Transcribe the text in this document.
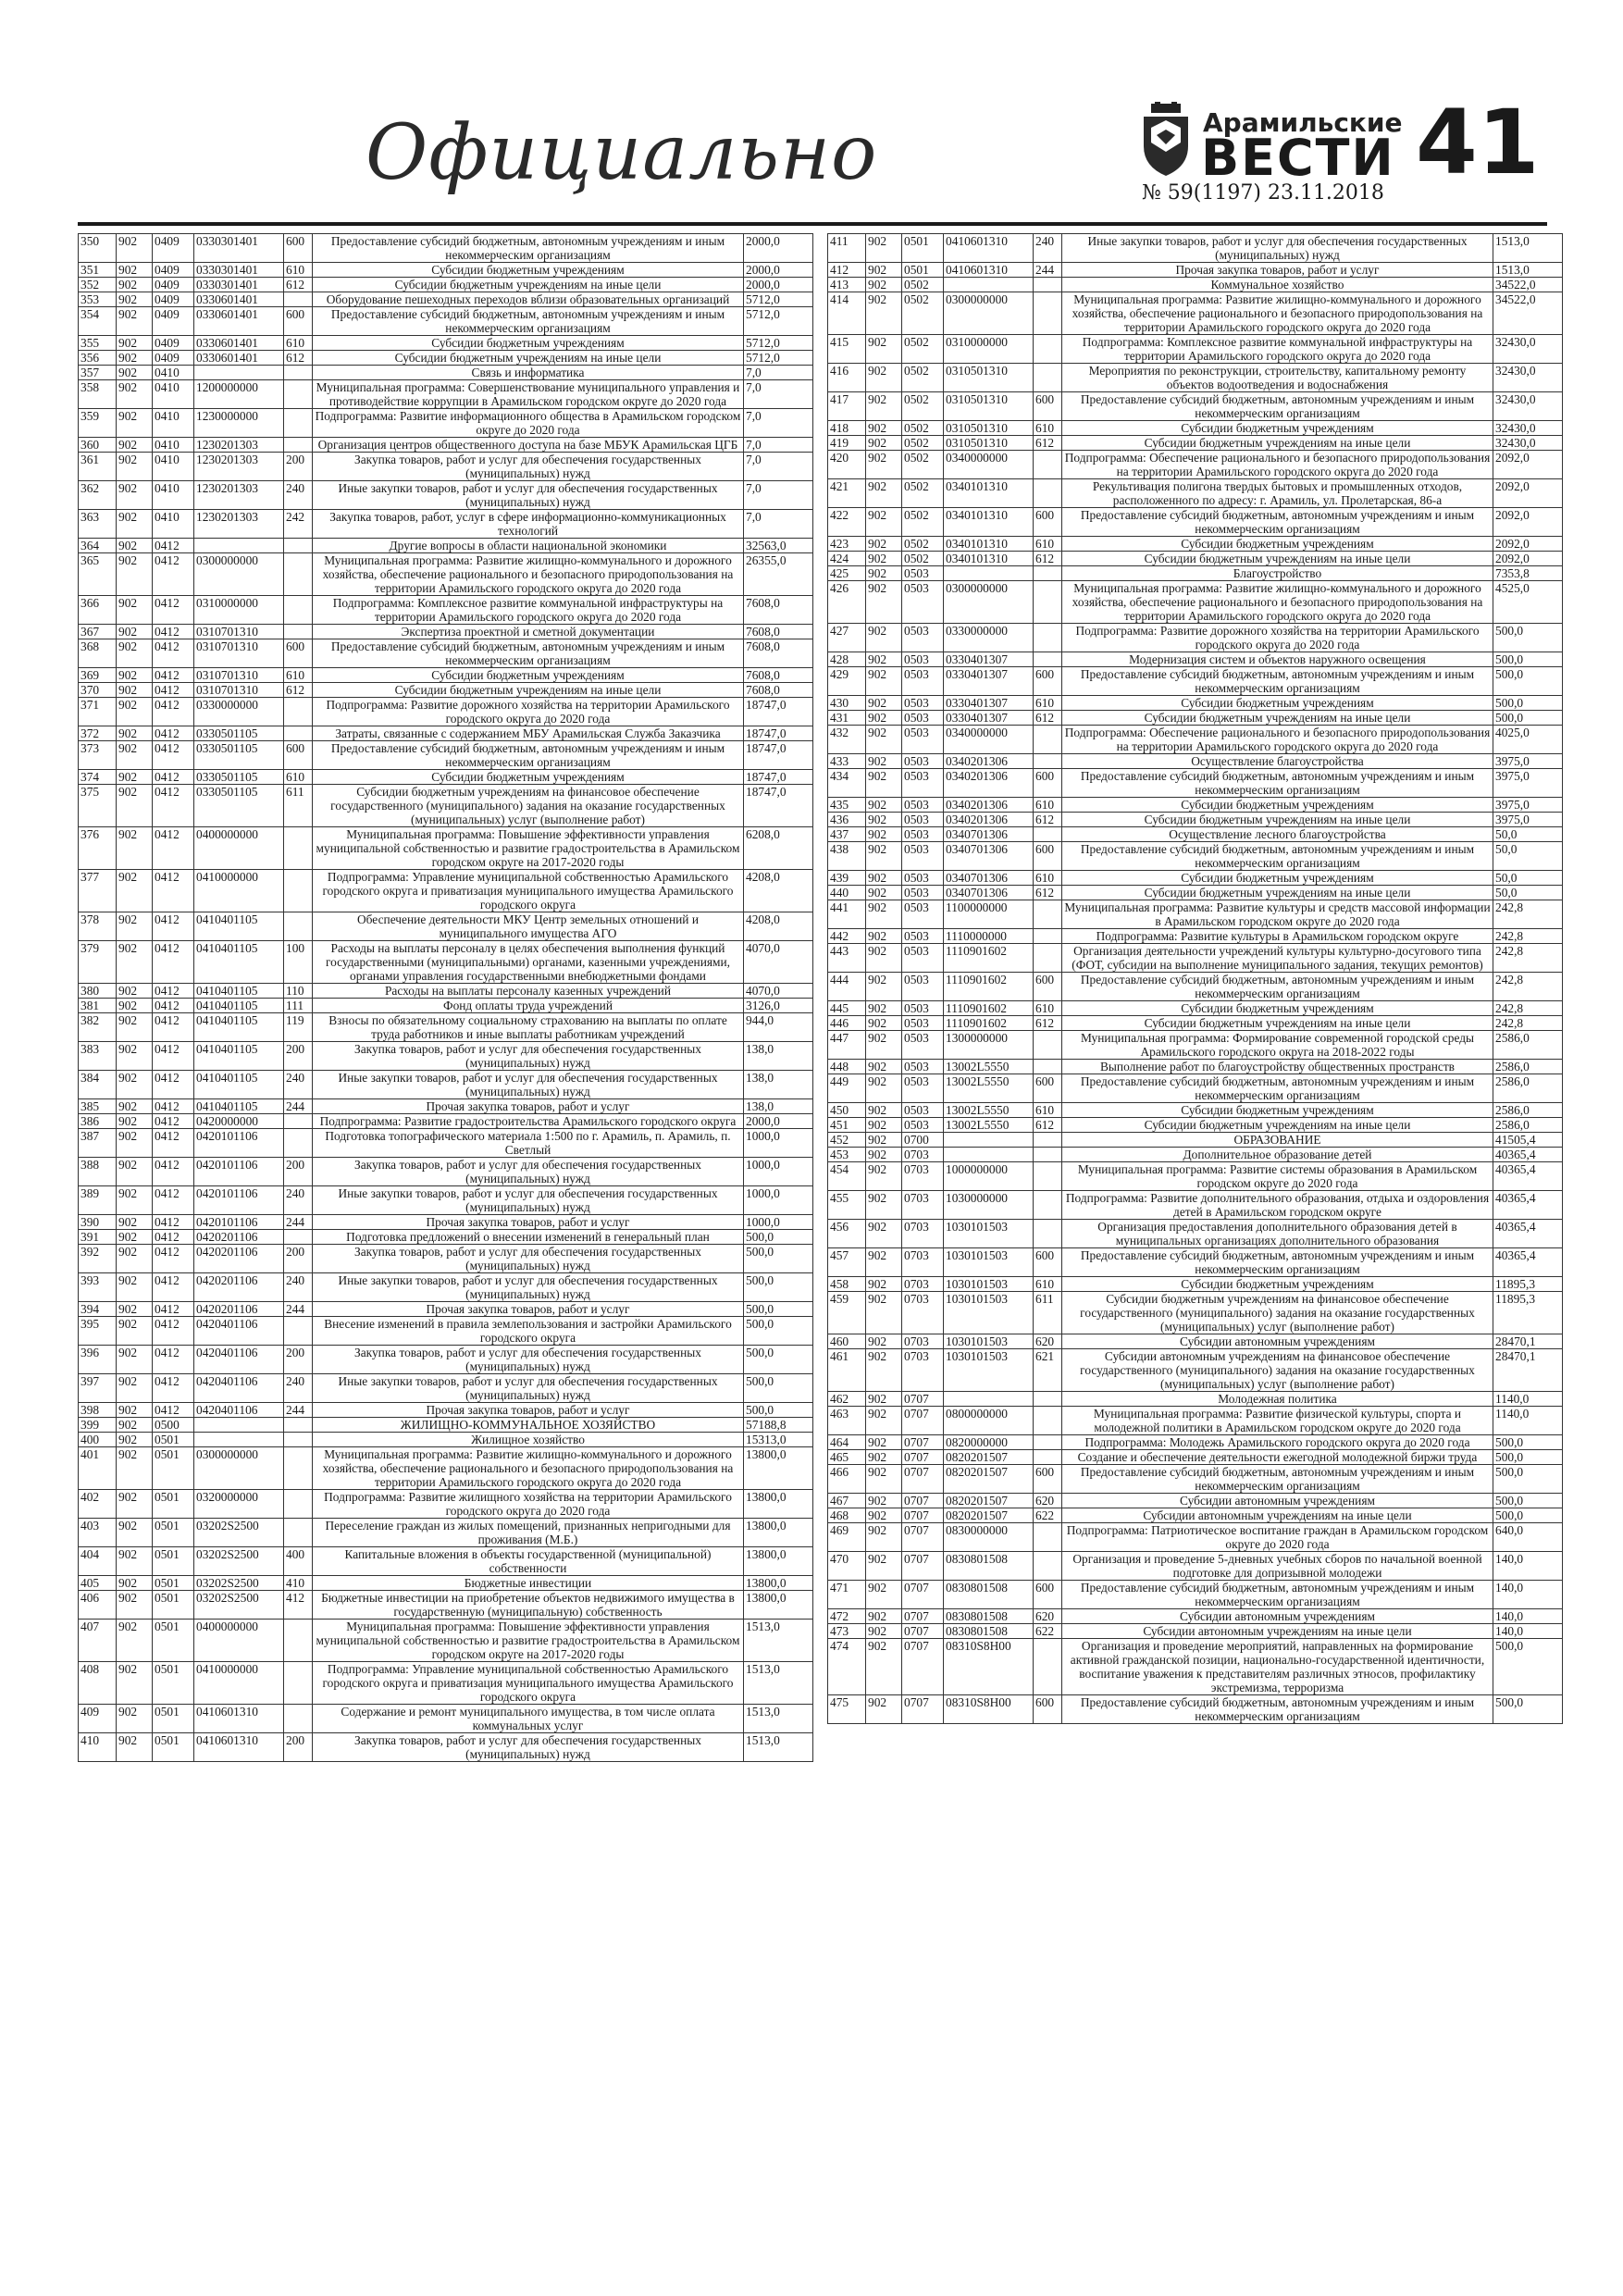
Официально	Арамильские
ВЕСТИ
№ 59(1197) 23.11.2018 41
350	902	0409	0330301401	600	Предоставление субсидий бюджетным, автономным учреждениям и иным некоммерческим организациям	2000,0
351	902	0409	0330301401	610	Субсидии бюджетным учреждениям	2000,0
352	902	0409	0330301401	612	Субсидии бюджетным учреждениям на иные цели	2000,0
353	902	0409	0330601401		Оборудование пешеходных переходов вблизи образовательных организаций	5712,0
354	902	0409	0330601401	600	Предоставление субсидий бюджетным, автономным учреждениям и иным некоммерческим организациям	5712,0
355	902	0409	0330601401	610	Субсидии бюджетным учреждениям	5712,0
356	902	0409	0330601401	612	Субсидии бюджетным учреждениям на иные цели	5712,0
357	902	0410			Связь и информатика	7,0
358	902	0410	1200000000		Муниципальная программа: Совершенствование муниципального управления и противодействие коррупции в Арамильском городском округе до 2020 года	7,0
359	902	0410	1230000000		Подпрограмма: Развитие информационного общества в Арамильском городском округе до 2020 года	7,0
360	902	0410	1230201303		Организация центров общественного доступа на базе МБУК Арамильская ЦГБ	7,0
361	902	0410	1230201303	200	Закупка товаров, работ и услуг для обеспечения государственных (муниципальных) нужд	7,0
362	902	0410	1230201303	240	Иные закупки товаров, работ и услуг для обеспечения государственных (муниципальных) нужд	7,0
363	902	0410	1230201303	242	Закупка товаров, работ, услуг в сфере информационно-коммуникационных технологий	7,0
364	902	0412			Другие вопросы в области национальной экономики	32563,0
365	902	0412	0300000000		Муниципальная программа: Развитие жилищно-коммунального и дорожного хозяйства, обеспечение рационального и безопасного природопользования на территории Арамильского городского округа до 2020 года	26355,0
366	902	0412	0310000000		Подпрограмма: Комплексное развитие коммунальной инфраструктуры на территории Арамильского городского округа до 2020 года	7608,0
367	902	0412	0310701310		Экспертиза проектной и сметной документации	7608,0
368	902	0412	0310701310	600	Предоставление субсидий бюджетным, автономным учреждениям и иным некоммерческим организациям	7608,0
369	902	0412	0310701310	610	Субсидии бюджетным учреждениям	7608,0
370	902	0412	0310701310	612	Субсидии бюджетным учреждениям на иные цели	7608,0
371	902	0412	0330000000		Подпрограмма: Развитие дорожного хозяйства на территории Арамильского городского округа до 2020 года	18747,0
372	902	0412	0330501105		Затраты, связанные с содержанием МБУ Арамильская Служба Заказчика	18747,0
373	902	0412	0330501105	600	Предоставление субсидий бюджетным, автономным учреждениям и иным некоммерческим организациям	18747,0
374	902	0412	0330501105	610	Субсидии бюджетным учреждениям	18747,0
375	902	0412	0330501105	611	Субсидии бюджетным учреждениям на финансовое обеспечение государственного (муниципального) задания на оказание государственных (муниципальных) услуг (выполнение работ)	18747,0
376	902	0412	0400000000		Муниципальная программа: Повышение эффективности управления муниципальной собственностью и развитие градостроительства в Арамильском городском округе на 2017-2020 годы	6208,0
377	902	0412	0410000000		Подпрограмма: Управление муниципальной собственностью Арамильского городского округа и приватизация муниципального имущества Арамильского городского округа	4208,0
378	902	0412	0410401105		Обеспечение деятельности МКУ Центр земельных отношений и муниципального имущества АГО	4208,0
379	902	0412	0410401105	100	Расходы на выплаты персоналу в целях обеспечения выполнения функций государственными (муниципальными) органами, казенными учреждениями, органами управления государственными внебюджетными фондами	4070,0
380	902	0412	0410401105	110	Расходы на выплаты персоналу казенных учреждений	4070,0
381	902	0412	0410401105	111	Фонд оплаты труда учреждений	3126,0
382	902	0412	0410401105	119	Взносы по обязательному социальному страхованию на выплаты по оплате труда работников и иные выплаты работникам учреждений	944,0
383	902	0412	0410401105	200	Закупка товаров, работ и услуг для обеспечения государственных (муниципальных) нужд	138,0
384	902	0412	0410401105	240	Иные закупки товаров, работ и услуг для обеспечения государственных (муниципальных) нужд	138,0
385	902	0412	0410401105	244	Прочая закупка товаров, работ и услуг	138,0
386	902	0412	0420000000		Подпрограмма: Развитие градостроительства Арамильского городского округа	2000,0
387	902	0412	0420101106		Подготовка топографического материала 1:500 по г. Арамиль, п. Арамиль, п. Светлый	1000,0
388	902	0412	0420101106	200	Закупка товаров, работ и услуг для обеспечения государственных (муниципальных) нужд	1000,0
389	902	0412	0420101106	240	Иные закупки товаров, работ и услуг для обеспечения государственных (муниципальных) нужд	1000,0
390	902	0412	0420101106	244	Прочая закупка товаров, работ и услуг	1000,0
391	902	0412	0420201106		Подготовка предложений о внесении изменений в генеральный план	500,0
392	902	0412	0420201106	200	Закупка товаров, работ и услуг для обеспечения государственных (муниципальных) нужд	500,0
393	902	0412	0420201106	240	Иные закупки товаров, работ и услуг для обеспечения государственных (муниципальных) нужд	500,0
394	902	0412	0420201106	244	Прочая закупка товаров, работ и услуг	500,0
395	902	0412	0420401106		Внесение изменений в правила землепользования и застройки Арамильского городского округа	500,0
396	902	0412	0420401106	200	Закупка товаров, работ и услуг для обеспечения государственных (муниципальных) нужд	500,0
397	902	0412	0420401106	240	Иные закупки товаров, работ и услуг для обеспечения государственных (муниципальных) нужд	500,0
398	902	0412	0420401106	244	Прочая закупка товаров, работ и услуг	500,0
399	902	0500			ЖИЛИЩНО-КОММУНАЛЬНОЕ ХОЗЯЙСТВО	57188,8
400	902	0501			Жилищное хозяйство	15313,0
401	902	0501	0300000000		Муниципальная программа: Развитие жилищно-коммунального и дорожного хозяйства, обеспечение рационального и безопасного природопользования на территории Арамильского городского округа до 2020 года	13800,0
402	902	0501	0320000000		Подпрограмма: Развитие жилищного хозяйства на территории Арамильского городского округа до 2020 года	13800,0
403	902	0501	03202S2500		Переселение граждан из жилых помещений, признанных непригодными для проживания (М.Б.)	13800,0
404	902	0501	03202S2500	400	Капитальные вложения в объекты государственной (муниципальной) собственности	13800,0
405	902	0501	03202S2500	410	Бюджетные инвестиции	13800,0
406	902	0501	03202S2500	412	Бюджетные инвестиции на приобретение объектов недвижимого имущества в государственную (муниципальную) собственность	13800,0
407	902	0501	0400000000		Муниципальная программа: Повышение эффективности управления муниципальной собственностью и развитие градостроительства в Арамильском городском округе на 2017-2020 годы	1513,0
408	902	0501	0410000000		Подпрограмма: Управление муниципальной собственностью Арамильского городского округа и приватизация муниципального имущества Арамильского городского округа	1513,0
409	902	0501	0410601310		Содержание и ремонт муниципального имущества, в том числе оплата коммунальных услуг	1513,0
410	902	0501	0410601310	200	Закупка товаров, работ и услуг для обеспечения государственных (муниципальных) нужд	1513,0
411	902	0501	0410601310	240	Иные закупки товаров, работ и услуг для обеспечения государственных (муниципальных) нужд	1513,0
412	902	0501	0410601310	244	Прочая закупка товаров, работ и услуг	1513,0
413	902	0502			Коммунальное хозяйство	34522,0
414	902	0502	0300000000		Муниципальная программа: Развитие жилищно-коммунального и дорожного хозяйства, обеспечение рационального и безопасного природопользования на территории Арамильского городского округа до 2020 года	34522,0
415	902	0502	0310000000		Подпрограмма: Комплексное развитие коммунальной инфраструктуры на территории Арамильского городского округа до 2020 года	32430,0
416	902	0502	0310501310		Мероприятия по реконструкции, строительству, капитальному ремонту объектов водоотведения и водоснабжения	32430,0
417	902	0502	0310501310	600	Предоставление субсидий бюджетным, автономным учреждениям и иным некоммерческим организациям	32430,0
418	902	0502	0310501310	610	Субсидии бюджетным учреждениям	32430,0
419	902	0502	0310501310	612	Субсидии бюджетным учреждениям на иные цели	32430,0
420	902	0502	0340000000		Подпрограмма: Обеспечение рационального и безопасного природопользования на территории Арамильского городского округа до 2020 года	2092,0
421	902	0502	0340101310		Рекультивация полигона твердых бытовых и промышленных отходов, расположенного по адресу: г. Арамиль, ул. Пролетарская, 86-а	2092,0
422	902	0502	0340101310	600	Предоставление субсидий бюджетным, автономным учреждениям и иным некоммерческим организациям	2092,0
423	902	0502	0340101310	610	Субсидии бюджетным учреждениям	2092,0
424	902	0502	0340101310	612	Субсидии бюджетным учреждениям на иные цели	2092,0
425	902	0503			Благоустройство	7353,8
426	902	0503	0300000000		Муниципальная программа: Развитие жилищно-коммунального и дорожного хозяйства, обеспечение рационального и безопасного природопользования на территории Арамильского городского округа до 2020 года	4525,0
427	902	0503	0330000000		Подпрограмма: Развитие дорожного хозяйства на территории Арамильского городского округа до 2020 года	500,0
428	902	0503	0330401307		Модернизация систем и объектов наружного освещения	500,0
429	902	0503	0330401307	600	Предоставление субсидий бюджетным, автономным учреждениям и иным некоммерческим организациям	500,0
430	902	0503	0330401307	610	Субсидии бюджетным учреждениям	500,0
431	902	0503	0330401307	612	Субсидии бюджетным учреждениям на иные цели	500,0
432	902	0503	0340000000		Подпрограмма: Обеспечение рационального и безопасного природопользования на территории Арамильского городского округа до 2020 года	4025,0
433	902	0503	0340201306		Осуществление благоустройства	3975,0
434	902	0503	0340201306	600	Предоставление субсидий бюджетным, автономным учреждениям и иным некоммерческим организациям	3975,0
435	902	0503	0340201306	610	Субсидии бюджетным учреждениям	3975,0
436	902	0503	0340201306	612	Субсидии бюджетным учреждениям на иные цели	3975,0
437	902	0503	0340701306		Осуществление лесного благоустройства	50,0
438	902	0503	0340701306	600	Предоставление субсидий бюджетным, автономным учреждениям и иным некоммерческим организациям	50,0
439	902	0503	0340701306	610	Субсидии бюджетным учреждениям	50,0
440	902	0503	0340701306	612	Субсидии бюджетным учреждениям на иные цели	50,0
441	902	0503	1100000000		Муниципальная программа: Развитие культуры и средств массовой информации в Арамильском городском округе до 2020 года	242,8
442	902	0503	1110000000		Подпрограмма: Развитие культуры в Арамильском городском округе	242,8
443	902	0503	1110901602		Организация деятельности учреждений культуры культурно-досугового типа (ФОТ, субсидии на выполнение муниципального задания, текущих ремонтов)	242,8
444	902	0503	1110901602	600	Предоставление субсидий бюджетным, автономным учреждениям и иным некоммерческим организациям	242,8
445	902	0503	1110901602	610	Субсидии бюджетным учреждениям	242,8
446	902	0503	1110901602	612	Субсидии бюджетным учреждениям на иные цели	242,8
447	902	0503	1300000000		Муниципальная программа: Формирование современной городской среды Арамильского городского округа на 2018-2022 годы	2586,0
448	902	0503	13002L5550		Выполнение работ по благоустройству общественных пространств	2586,0
449	902	0503	13002L5550	600	Предоставление субсидий бюджетным, автономным учреждениям и иным некоммерческим организациям	2586,0
450	902	0503	13002L5550	610	Субсидии бюджетным учреждениям	2586,0
451	902	0503	13002L5550	612	Субсидии бюджетным учреждениям на иные цели	2586,0
452	902	0700			ОБРАЗОВАНИЕ	41505,4
453	902	0703			Дополнительное образование детей	40365,4
454	902	0703	1000000000		Муниципальная программа: Развитие системы образования в Арамильском городском округе до 2020 года	40365,4
455	902	0703	1030000000		Подпрограмма: Развитие дополнительного образования, отдыха и оздоровления детей в Арамильском городском округе	40365,4
456	902	0703	1030101503		Организация предоставления дополнительного образования детей в муниципальных организациях дополнительного образования	40365,4
457	902	0703	1030101503	600	Предоставление субсидий бюджетным, автономным учреждениям и иным некоммерческим организациям	40365,4
458	902	0703	1030101503	610	Субсидии бюджетным учреждениям	11895,3
459	902	0703	1030101503	611	Субсидии бюджетным учреждениям на финансовое обеспечение государственного (муниципального) задания на оказание государственных (муниципальных) услуг (выполнение работ)	11895,3
460	902	0703	1030101503	620	Субсидии автономным учреждениям	28470,1
461	902	0703	1030101503	621	Субсидии автономным учреждениям на финансовое обеспечение государственного (муниципального) задания на оказание государственных (муниципальных) услуг (выполнение работ)	28470,1
462	902	0707			Молодежная политика	1140,0
463	902	0707	0800000000		Муниципальная программа: Развитие физической культуры, спорта и молодежной политики в Арамильском городском округе до 2020 года	1140,0
464	902	0707	0820000000		Подпрограмма: Молодежь Арамильского городского округа до 2020 года	500,0
465	902	0707	0820201507		Создание и обеспечение деятельности ежегодной молодежной биржи труда	500,0
466	902	0707	0820201507	600	Предоставление субсидий бюджетным, автономным учреждениям и иным некоммерческим организациям	500,0
467	902	0707	0820201507	620	Субсидии автономным учреждениям	500,0
468	902	0707	0820201507	622	Субсидии автономным учреждениям на иные цели	500,0
469	902	0707	0830000000		Подпрограмма: Патриотическое воспитание граждан в Арамильском городском округе до 2020 года	640,0
470	902	0707	0830801508		Организация и проведение 5-дневных учебных сборов по начальной военной подготовке для допризывной молодежи	140,0
471	902	0707	0830801508	600	Предоставление субсидий бюджетным, автономным учреждениям и иным некоммерческим организациям	140,0
472	902	0707	0830801508	620	Субсидии автономным учреждениям	140,0
473	902	0707	0830801508	622	Субсидии автономным учреждениям на иные цели	140,0
474	902	0707	08310S8H00		Организация и проведение мероприятий, направленных на формирование активной гражданской позиции, национально-государственной идентичности, воспитание уважения к представителям различных этносов, профилактику экстремизма, терроризма	500,0
475	902	0707	08310S8H00	600	Предоставление субсидий бюджетным, автономным учреждениям и иным некоммерческим организациям	500,0
